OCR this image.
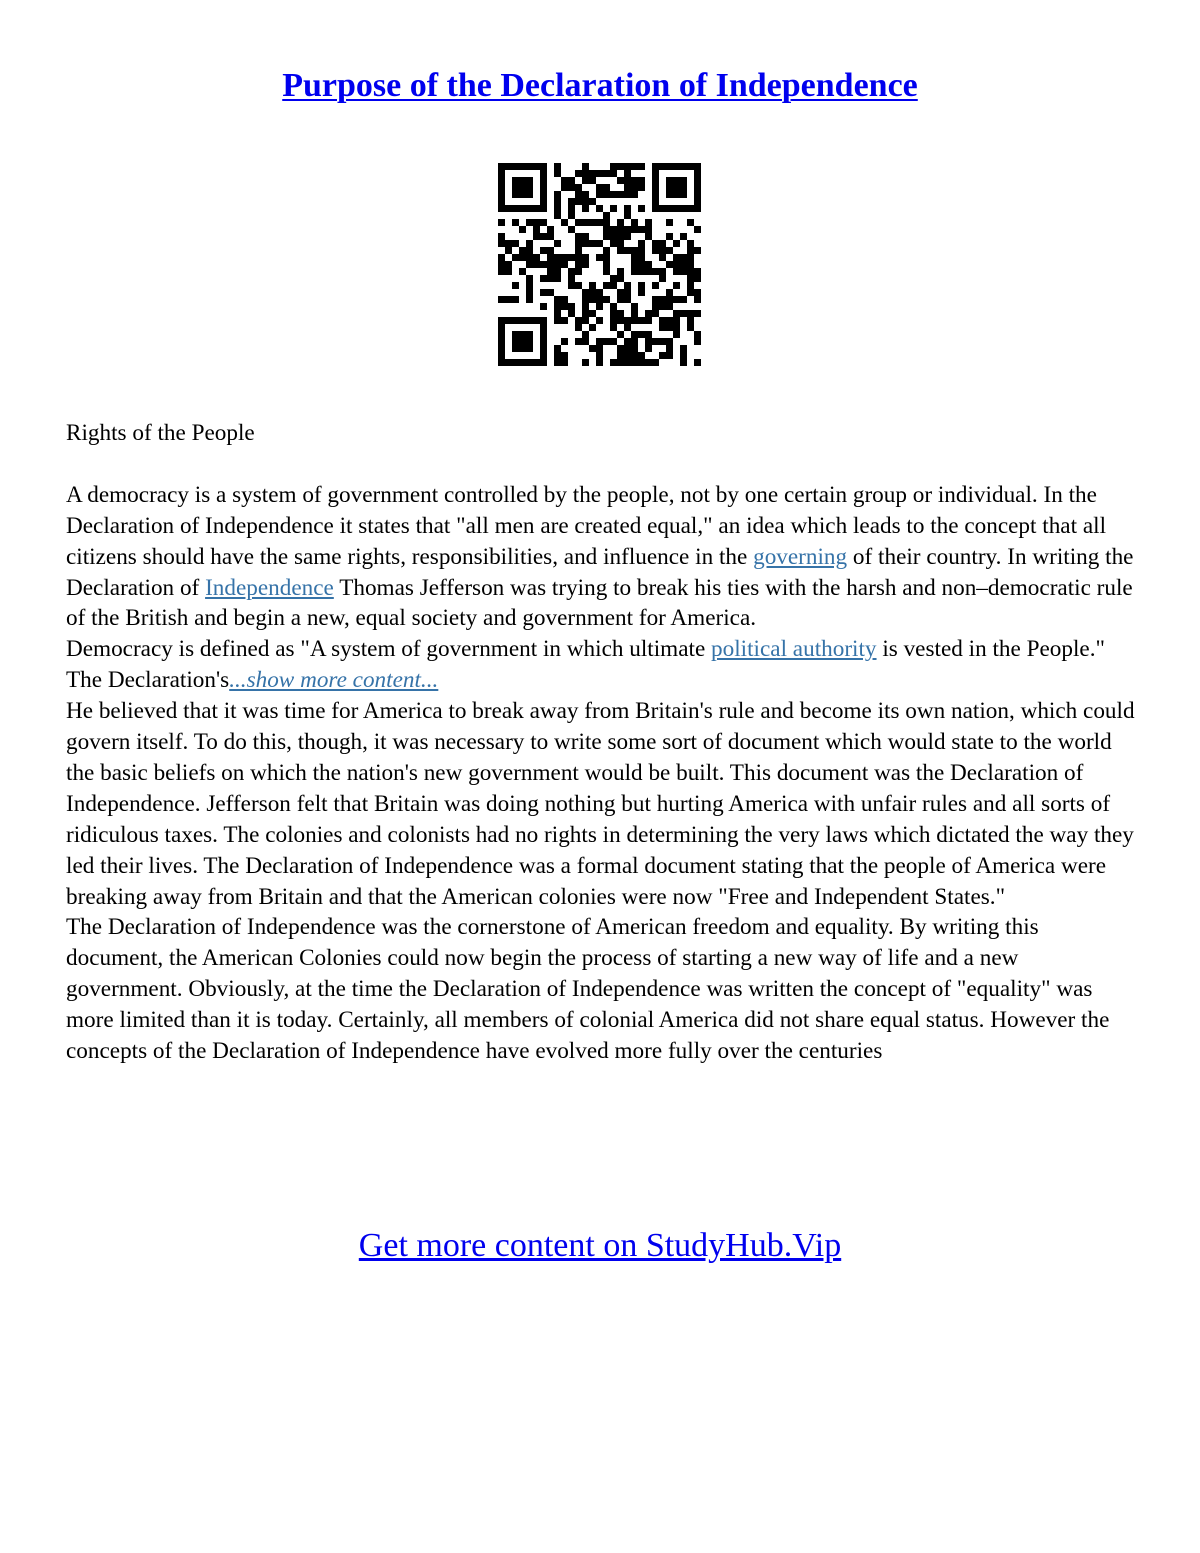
Purpose of the Declaration of Independence

Rights of the People

A democracy is a system of government controlled by the people, not by one certain group or individual. In the Declaration of Independence it states that "all men are created equal," an idea which leads to the concept that all citizens should have the same rights, responsibilities, and influence in the governing of their country. In writing the Declaration of Independence Thomas Jefferson was trying to break his ties with the harsh and non–democratic rule of the British and begin a new, equal society and government for America.

Democracy is defined as "A system of government in which ultimate political authority is vested in the People." The Declaration's...show more content...

He believed that it was time for America to break away from Britain's rule and become its own nation, which could govern itself. To do this, though, it was necessary to write some sort of document which would state to the world the basic beliefs on which the nation's new government would be built. This document was the Declaration of Independence. Jefferson felt that Britain was doing nothing but hurting America with unfair rules and all sorts of ridiculous taxes. The colonies and colonists had no rights in determining the very laws which dictated the way they led their lives. The Declaration of Independence was a formal document stating that the people of America were breaking away from Britain and that the American colonies were now "Free and Independent States."

The Declaration of Independence was the cornerstone of American freedom and equality. By writing this document, the American Colonies could now begin the process of starting a new way of life and a new government. Obviously, at the time the Declaration of Independence was written the concept of "equality" was more limited than it is today. Certainly, all members of colonial America did not share equal status. However the concepts of the Declaration of Independence have evolved more fully over the centuries

Get more content on StudyHub.Vip
